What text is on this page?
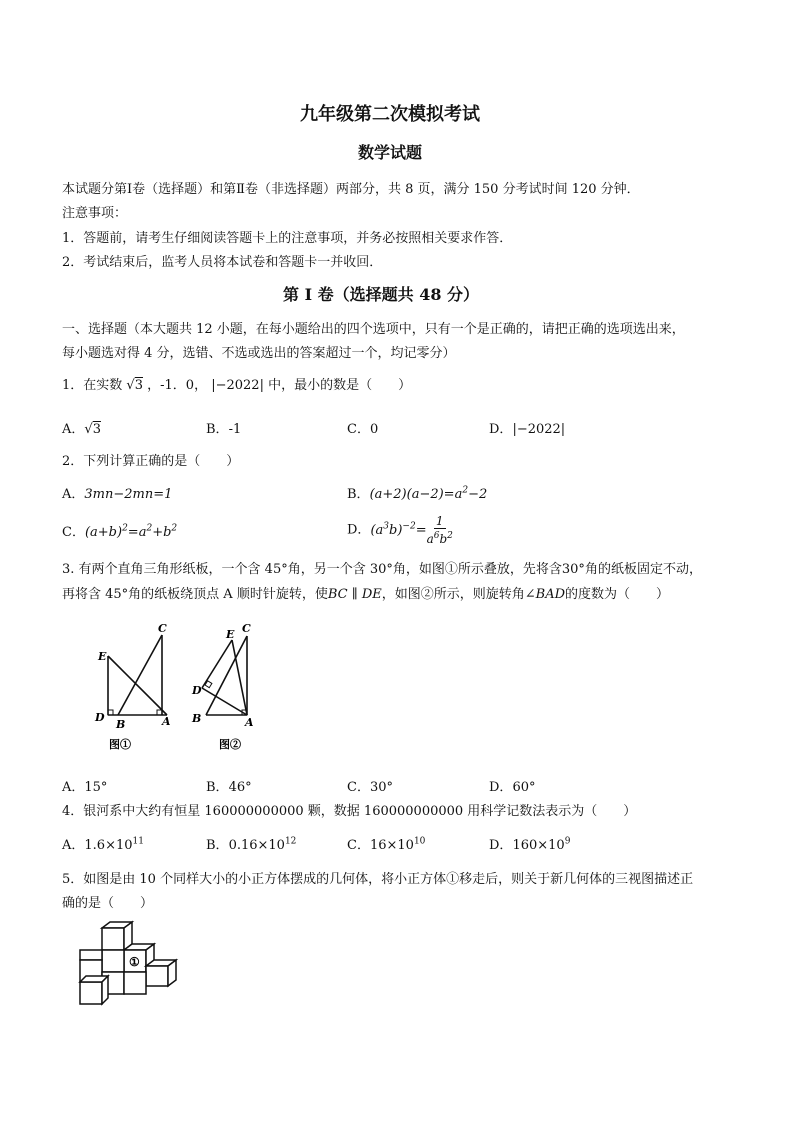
九年级第二次模拟考试
数学试题
本试题分第Ⅰ卷（选择题）和第Ⅱ卷（非选择题）两部分，共 8 页，满分 150 分考试时间 120 分钟．
注意事项：
1．答题前，请考生仔细阅读答题卡上的注意事项，并务必按照相关要求作答．
2．考试结束后，监考人员将本试卷和答题卡一并收回．
第 I 卷（选择题共 48 分）
一、选择题（本大题共 12 小题，在每小题给出的四个选项中，只有一个是正确的，请把正确的选项选出来，
每小题选对得 4 分，选错、不选或选出的答案超过一个，均记零分）
1．在实数 √3 ，-1．0， |−2022| 中，最小的数是（　　）
A．√3	B．-1	C．0	D．|−2022|
2．下列计算正确的是（　　）
A．3mn−2mn=1	B．$(a+2)(a-2)=a^2-2$
C．$(a+b)^2=a^2+b^2$	D．$(a^3b)^{-2}= \frac{1}{a^6b^2}$
3. 有两个直角三角形纸板，一个含 45°角，另一个含 30°角，如图①所示叠放，先将含30°角的纸板固定不动，
再将含 45°角的纸板绕顶点 A 顺时针旋转，使BC ∥ DE，如图②所示，则旋转角∠BAD的度数为（　　）
E
C
D
B	A
图①
E C
D
B	A
图②
A．15°	B．46°	C．30°	D．60°
4．银河系中大约有恒星 160000000000 颗，数据 160000000000 用科学记数法表示为（　　）
A．$1.6\times 10^{11}$	B．$0.16\times 10^{12}$	C．$16\times 10^{10}$	D．$160\times 10^9$
5．如图是由 10 个同样大小的小正方体摆成的几何体，将小正方体①移走后，则关于新几何体的三视图描述正
确的是（　　）
①
